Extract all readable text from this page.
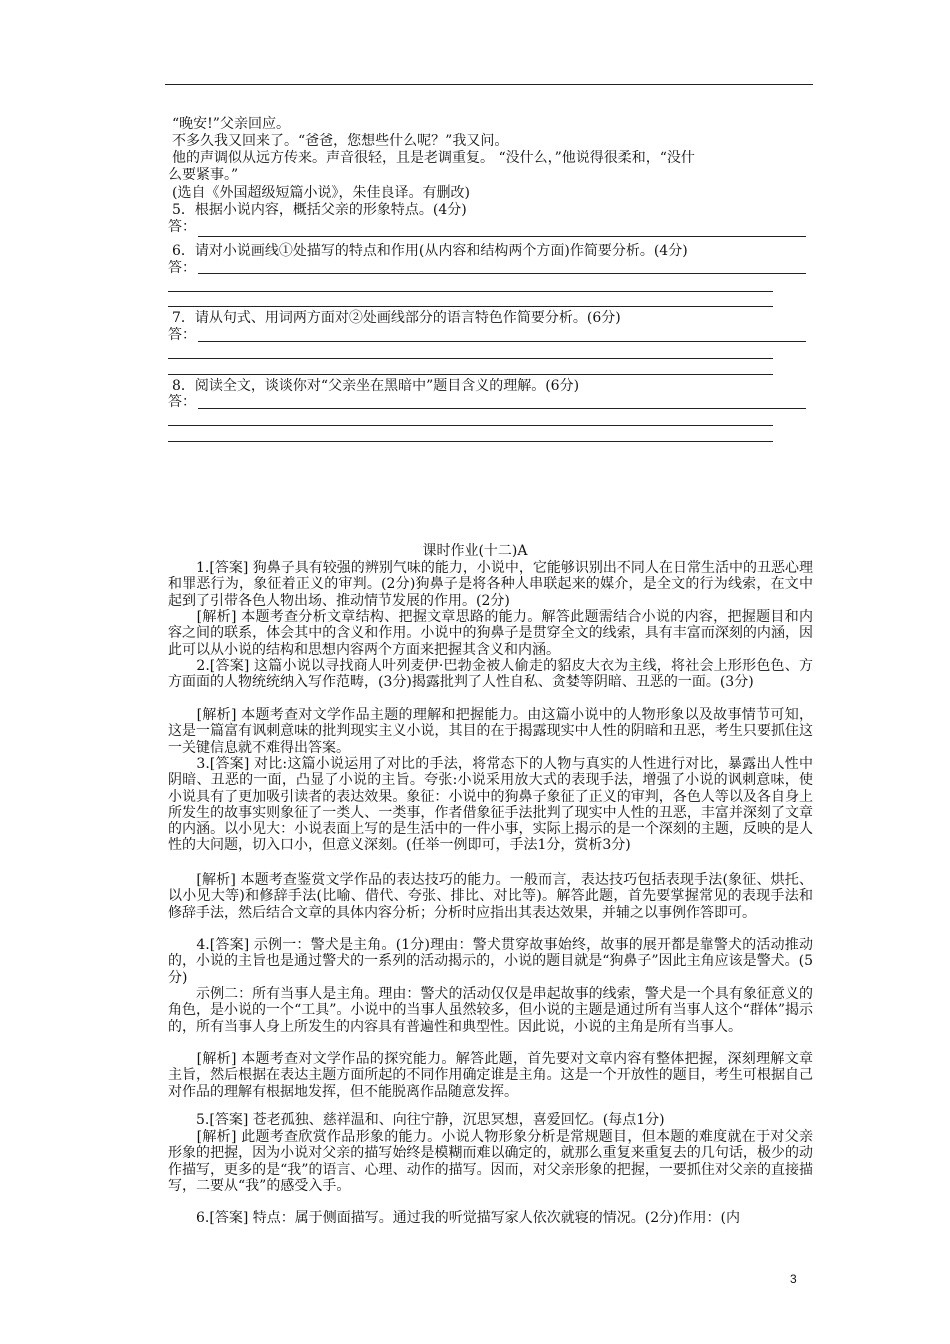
“晚安!”父亲回应。
不多久我又回来了。“爸爸，您想些什么呢？”我又问。
他的声调似从远方传来。声音很轻，且是老调重复。 “没什么，”他说得很柔和，“没什
么要紧事。”
(选自《外国超级短篇小说》，朱佳良译。有删改)
5．根据小说内容，概括父亲的形象特点。(4分)
答：
6．请对小说画线①处描写的特点和作用(从内容和结构两个方面)作简要分析。(4分)
答：
7．请从句式、用词两方面对②处画线部分的语言特色作简要分析。(6分)
答：
8．阅读全文，谈谈你对“父亲坐在黑暗中”题目含义的理解。(6分)
答：
课时作业(十二)A
　　1.[答案] 狗鼻子具有较强的辨别气味的能力，小说中，它能够识别出不同人在日常生活中的丑恶心理和罪恶行为，象征着正义的审判。(2分)狗鼻子是将各种人串联起来的媒介，是全文的行为线索，在文中起到了引带各色人物出场、推动情节发展的作用。(2分)
　　[解析] 本题考查分析文章结构、把握文章思路的能力。解答此题需结合小说的内容，把握题目和内容之间的联系，体会其中的含义和作用。小说中的狗鼻子是贯穿全文的线索，具有丰富而深刻的内涵，因此可以从小说的结构和思想内容两个方面来把握其含义和内涵。
　　2.[答案] 这篇小说以寻找商人叶列麦伊·巴勃金被人偷走的貂皮大衣为主线，将社会上形形色色、方方面面的人物统统纳入写作范畴，(3分)揭露批判了人性自私、贪婪等阴暗、丑恶的一面。(3分)
　　[解析] 本题考查对文学作品主题的理解和把握能力。由这篇小说中的人物形象以及故事情节可知，这是一篇富有讽刺意味的批判现实主义小说，其目的在于揭露现实中人性的阴暗和丑恶，考生只要抓住这一关键信息就不难得出答案。
　　3.[答案] 对比:这篇小说运用了对比的手法，将常态下的人物与真实的人性进行对比，暴露出人性中阴暗、丑恶的一面，凸显了小说的主旨。夸张:小说采用放大式的表现手法，增强了小说的讽刺意味，使小说具有了更加吸引读者的表达效果。象征：小说中的狗鼻子象征了正义的审判，各色人等以及各自身上所发生的故事实则象征了一类人、一类事，作者借象征手法批判了现实中人性的丑恶，丰富并深刻了文章的内涵。以小见大：小说表面上写的是生活中的一件小事，实际上揭示的是一个深刻的主题，反映的是人性的大问题，切入口小，但意义深刻。(任举一例即可，手法1分，赏析3分)
　　[解析] 本题考查鉴赏文学作品的表达技巧的能力。一般而言，表达技巧包括表现手法(象征、烘托、以小见大等)和修辞手法(比喻、借代、夸张、排比、对比等)。解答此题，首先要掌握常见的表现手法和修辞手法，然后结合文章的具体内容分析；分析时应指出其表达效果，并辅之以事例作答即可。
　　4.[答案] 示例一：警犬是主角。(1分)理由：警犬贯穿故事始终，故事的展开都是靠警犬的活动推动的，小说的主旨也是通过警犬的一系列的活动揭示的，小说的题目就是“狗鼻子”因此主角应该是警犬。(5分)
　　示例二：所有当事人是主角。理由：警犬的活动仅仅是串起故事的线索，警犬是一个具有象征意义的角色，是小说的一个“工具”。小说中的当事人虽然较多，但小说的主题是通过所有当事人这个“群体”揭示的，所有当事人身上所发生的内容具有普遍性和典型性。因此说，小说的主角是所有当事人。
　　[解析] 本题考查对文学作品的探究能力。解答此题，首先要对文章内容有整体把握，深刻理解文章主旨，然后根据在表达主题方面所起的不同作用确定谁是主角。这是一个开放性的题目，考生可根据自己对作品的理解有根据地发挥，但不能脱离作品随意发挥。
　　5.[答案] 苍老孤独、慈祥温和、向往宁静，沉思冥想，喜爱回忆。(每点1分)
　　[解析] 此题考查欣赏作品形象的能力。小说人物形象分析是常规题目，但本题的难度就在于对父亲形象的把握，因为小说对父亲的描写始终是模糊而难以确定的，就那么重复来重复去的几句话，极少的动作描写，更多的是“我”的语言、心理、动作的描写。因而，对父亲形象的把握，一要抓住对父亲的直接描写，二要从“我”的感受入手。
　　6.[答案] 特点：属于侧面描写。通过我的听觉描写家人依次就寝的情况。(2分)作用：(内
3
